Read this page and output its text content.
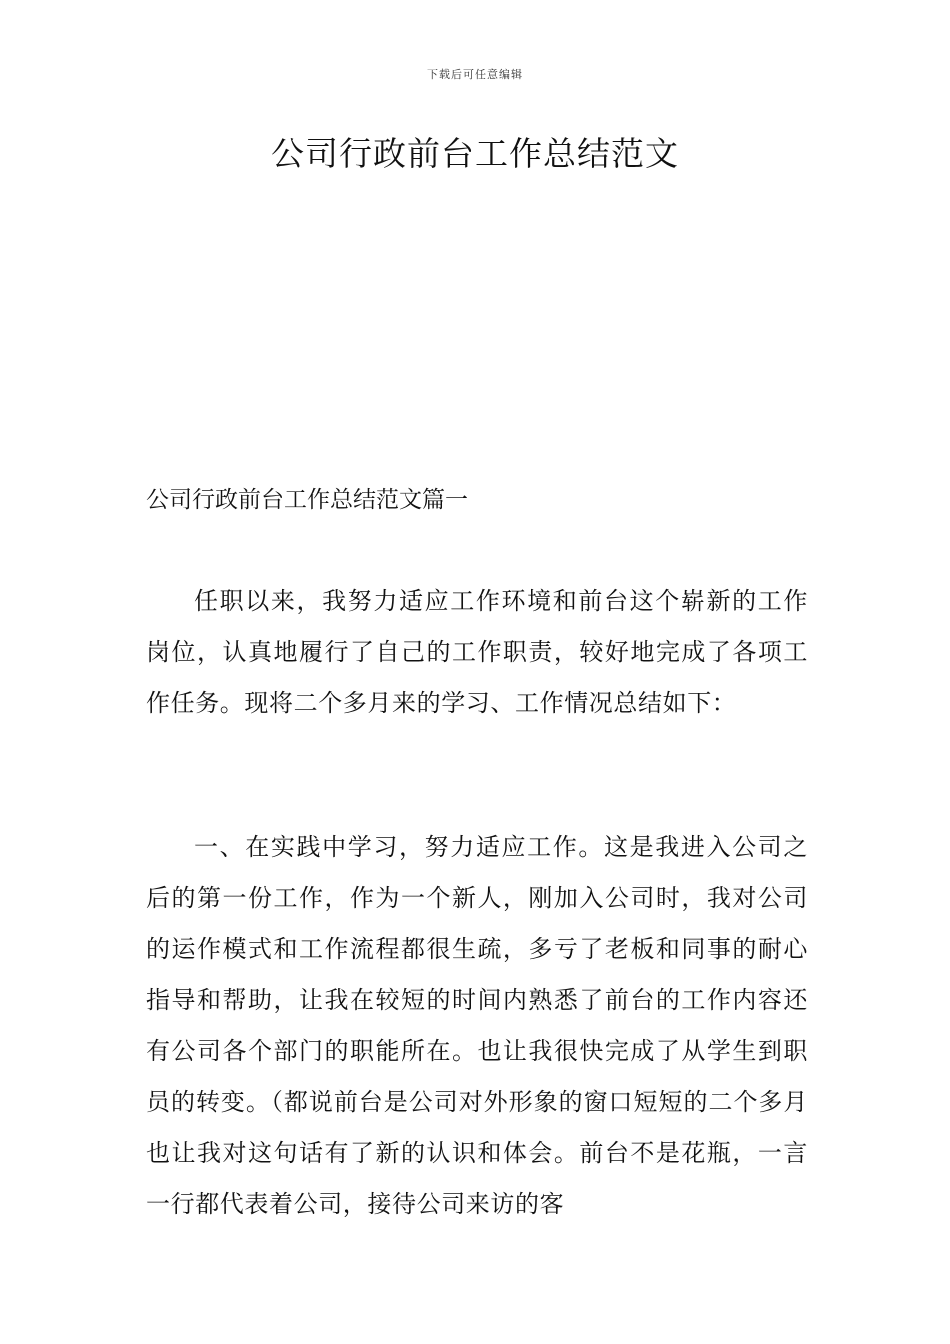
下载后可任意编辑
公司行政前台工作总结范文
公司行政前台工作总结范文篇一

任职以来，我努力适应工作环境和前台这个崭新的工作岗位，认真地履行了自己的工作职责，较好地完成了各项工作任务。现将二个多月来的学习、工作情况总结如下：

一、在实践中学习，努力适应工作。这是我进入公司之后的第一份工作，作为一个新人，刚加入公司时，我对公司的运作模式和工作流程都很生疏，多亏了老板和同事的耐心指导和帮助，让我在较短的时间内熟悉了前台的工作内容还有公司各个部门的职能所在。也让我很快完成了从学生到职员的转变。（都说前台是公司对外形象的窗口短短的二个多月也让我对这句话有了新的认识和体会。前台不是花瓶，一言一行都代表着公司，接待公司来访的客
